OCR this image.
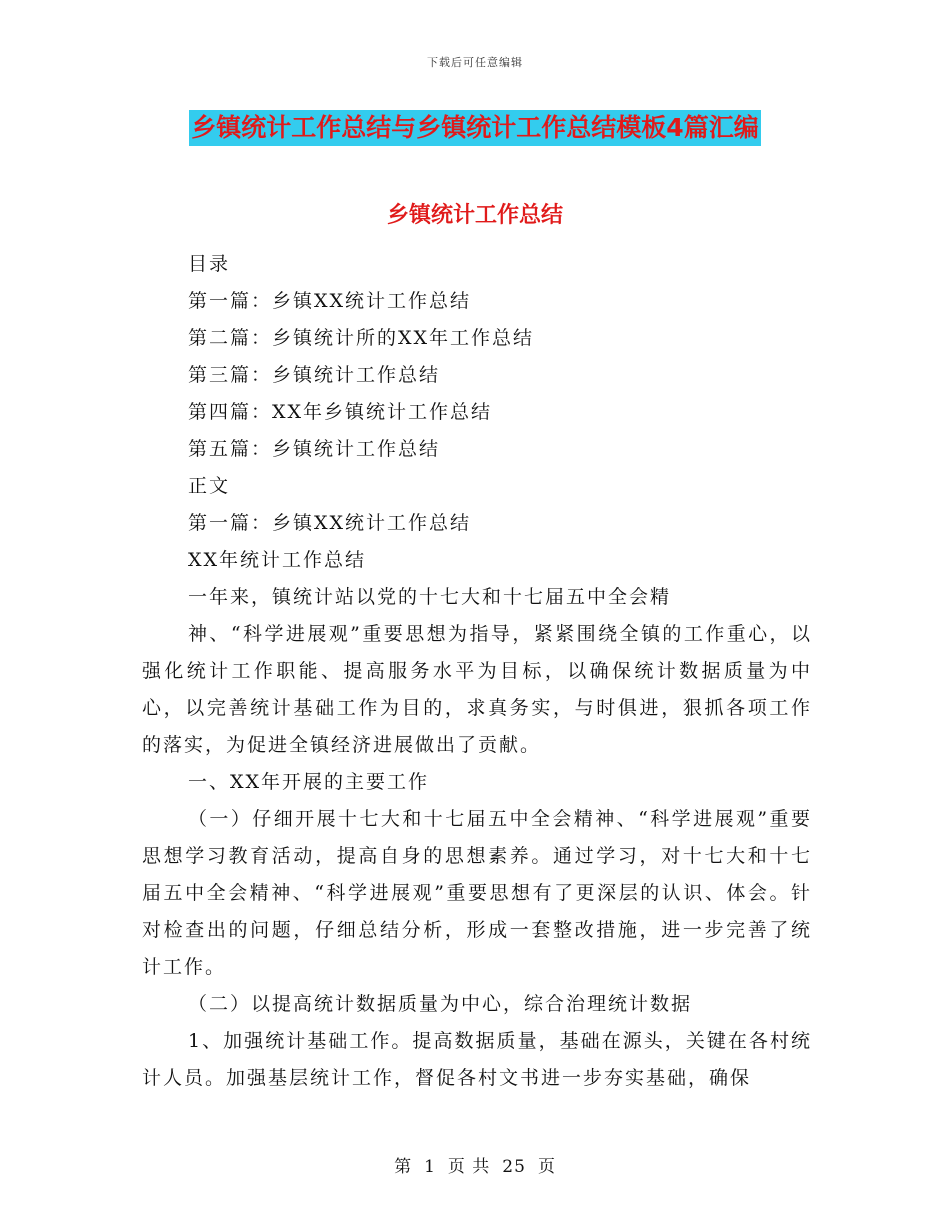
下载后可任意编辑
乡镇统计工作总结与乡镇统计工作总结模板4篇汇编
乡镇统计工作总结

目录

第一篇：乡镇XX统计工作总结

第二篇：乡镇统计所的XX年工作总结

第三篇：乡镇统计工作总结

第四篇：XX年乡镇统计工作总结

第五篇：乡镇统计工作总结

正文

第一篇：乡镇XX统计工作总结

XX年统计工作总结

一年来，镇统计站以党的十七大和十七届五中全会精

神、“科学进展观”重要思想为指导，紧紧围绕全镇的工作重心，以强化统计工作职能、提高服务水平为目标，以确保统计数据质量为中心，以完善统计基础工作为目的，求真务实，与时俱进，狠抓各项工作的落实，为促进全镇经济进展做出了贡献。

一、XX年开展的主要工作

（一）仔细开展十七大和十七届五中全会精神、“科学进展观”重要思想学习教育活动，提高自身的思想素养。通过学习，对十七大和十七届五中全会精神、“科学进展观”重要思想有了更深层的认识、体会。针对检查出的问题，仔细总结分析，形成一套整改措施，进一步完善了统计工作。

（二）以提高统计数据质量为中心，综合治理统计数据

1、加强统计基础工作。提高数据质量，基础在源头，关键在各村统计人员。加强基层统计工作，督促各村文书进一步夯实基础，确保

第 1 页 共 25 页
